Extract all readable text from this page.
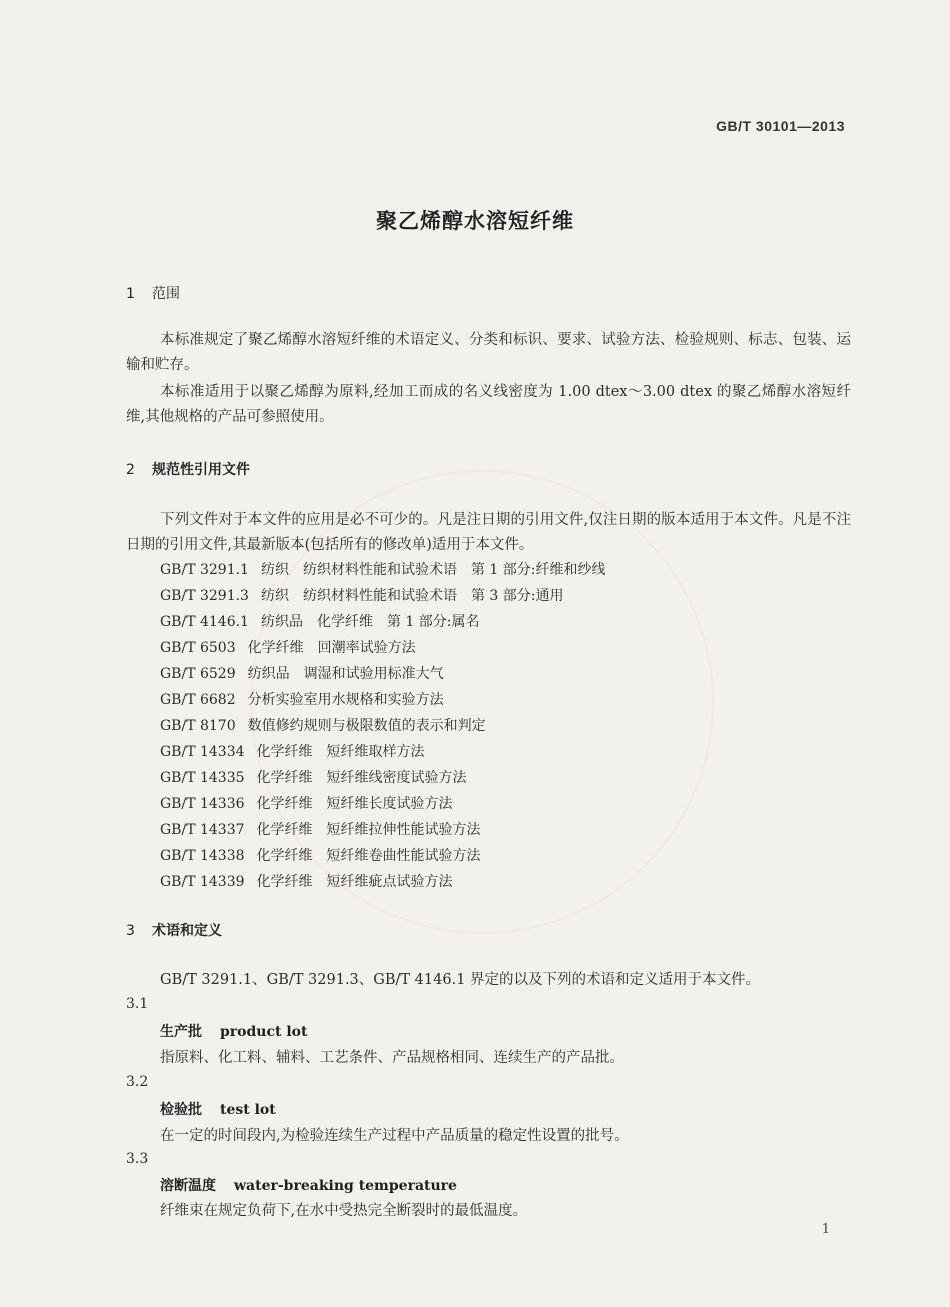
GB/T 30101—2013
聚乙烯醇水溶短纤维
1 范围
本标准规定了聚乙烯醇水溶短纤维的术语定义、分类和标识、要求、试验方法、检验规则、标志、包装、运输和贮存。
本标准适用于以聚乙烯醇为原料,经加工而成的名义线密度为 1.00 dtex～3.00 dtex 的聚乙烯醇水溶短纤维,其他规格的产品可参照使用。
2 规范性引用文件
下列文件对于本文件的应用是必不可少的。凡是注日期的引用文件,仅注日期的版本适用于本文件。凡是不注日期的引用文件,其最新版本(包括所有的修改单)适用于本文件。
GB/T 3291.1 纺织 纺织材料性能和试验术语　第 1 部分:纤维和纱线
GB/T 3291.3 纺织 纺织材料性能和试验术语　第 3 部分:通用
GB/T 4146.1 纺织品 化学纤维　第 1 部分:属名
GB/T 6503 化学纤维 回潮率试验方法
GB/T 6529 纺织品 调湿和试验用标准大气
GB/T 6682 分析实验室用水规格和实验方法
GB/T 8170 数值修约规则与极限数值的表示和判定
GB/T 14334 化学纤维 短纤维取样方法
GB/T 14335 化学纤维 短纤维线密度试验方法
GB/T 14336 化学纤维 短纤维长度试验方法
GB/T 14337 化学纤维 短纤维拉伸性能试验方法
GB/T 14338 化学纤维 短纤维卷曲性能试验方法
GB/T 14339 化学纤维 短纤维疵点试验方法
3 术语和定义
GB/T 3291.1、GB/T 3291.3、GB/T 4146.1 界定的以及下列的术语和定义适用于本文件。
3.1
生产批 product lot
指原料、化工料、辅料、工艺条件、产品规格相同、连续生产的产品批。
3.2
检验批 test lot
在一定的时间段内,为检验连续生产过程中产品质量的稳定性设置的批号。
3.3
溶断温度 water-breaking temperature
纤维束在规定负荷下,在水中受热完全断裂时的最低温度。
1
